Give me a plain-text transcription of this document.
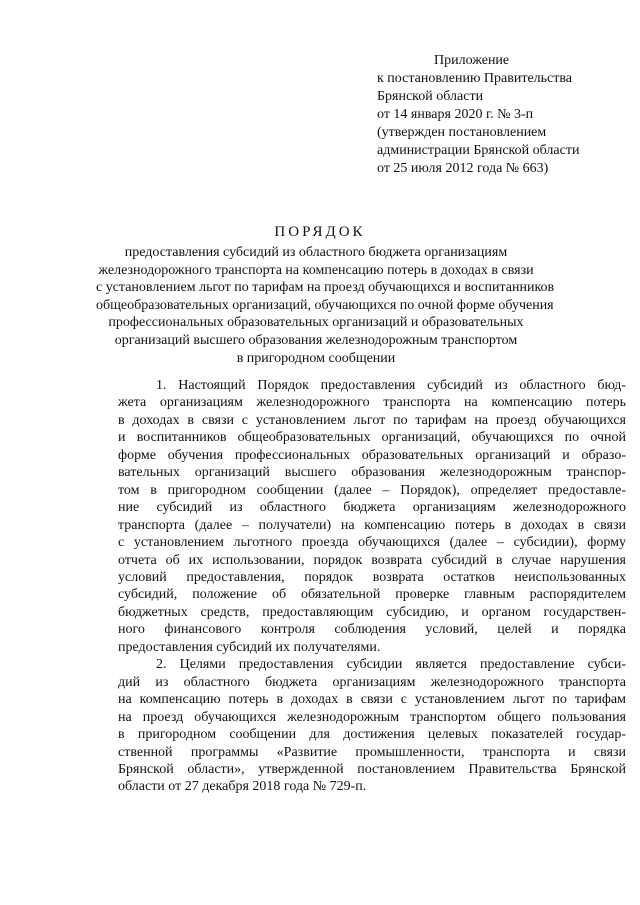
Приложение
к постановлению Правительства
Брянской области
от 14 января 2020 г. № 3-п
(утвержден постановлением
администрации Брянской области
от 25 июля 2012 года № 663)
ПОРЯДОК
предоставления субсидий из областного бюджета организациям
железнодорожного транспорта на компенсацию потерь в доходах в связи
с установлением льгот по тарифам на проезд обучающихся и воспитанников
общеобразовательных организаций, обучающихся по очной форме обучения
профессиональных образовательных организаций и образовательных
организаций высшего образования железнодорожным транспортом
в пригородном сообщении
1. Настоящий Порядок предоставления субсидий из областного бюд-
жета организациям железнодорожного транспорта на компенсацию потерь
в доходах в связи с установлением льгот по тарифам на проезд обучающихся
и воспитанников общеобразовательных организаций, обучающихся по очной
форме обучения профессиональных образовательных организаций и образо-
вательных организаций высшего образования железнодорожным транспор-
том в пригородном сообщении (далее – Порядок), определяет предоставле-
ние субсидий из областного бюджета организациям железнодорожного
транспорта (далее – получатели) на компенсацию потерь в доходах в связи
с установлением льготного проезда обучающихся (далее – субсидии), форму
отчета об их использовании, порядок возврата субсидий в случае нарушения
условий предоставления, порядок возврата остатков неиспользованных
субсидий, положение об обязательной проверке главным распорядителем
бюджетных средств, предоставляющим субсидию, и органом государствен-
ного финансового контроля соблюдения условий, целей и порядка
предоставления субсидий их получателями.
2. Целями предоставления субсидии является предоставление субси-
дий из областного бюджета организациям железнодорожного транспорта
на компенсацию потерь в доходах в связи с установлением льгот по тарифам
на проезд обучающихся железнодорожным транспортом общего пользования
в пригородном сообщении для достижения целевых показателей государ-
ственной программы «Развитие промышленности, транспорта и связи
Брянской области», утвержденной постановлением Правительства Брянской
области от 27 декабря 2018 года № 729-п.
